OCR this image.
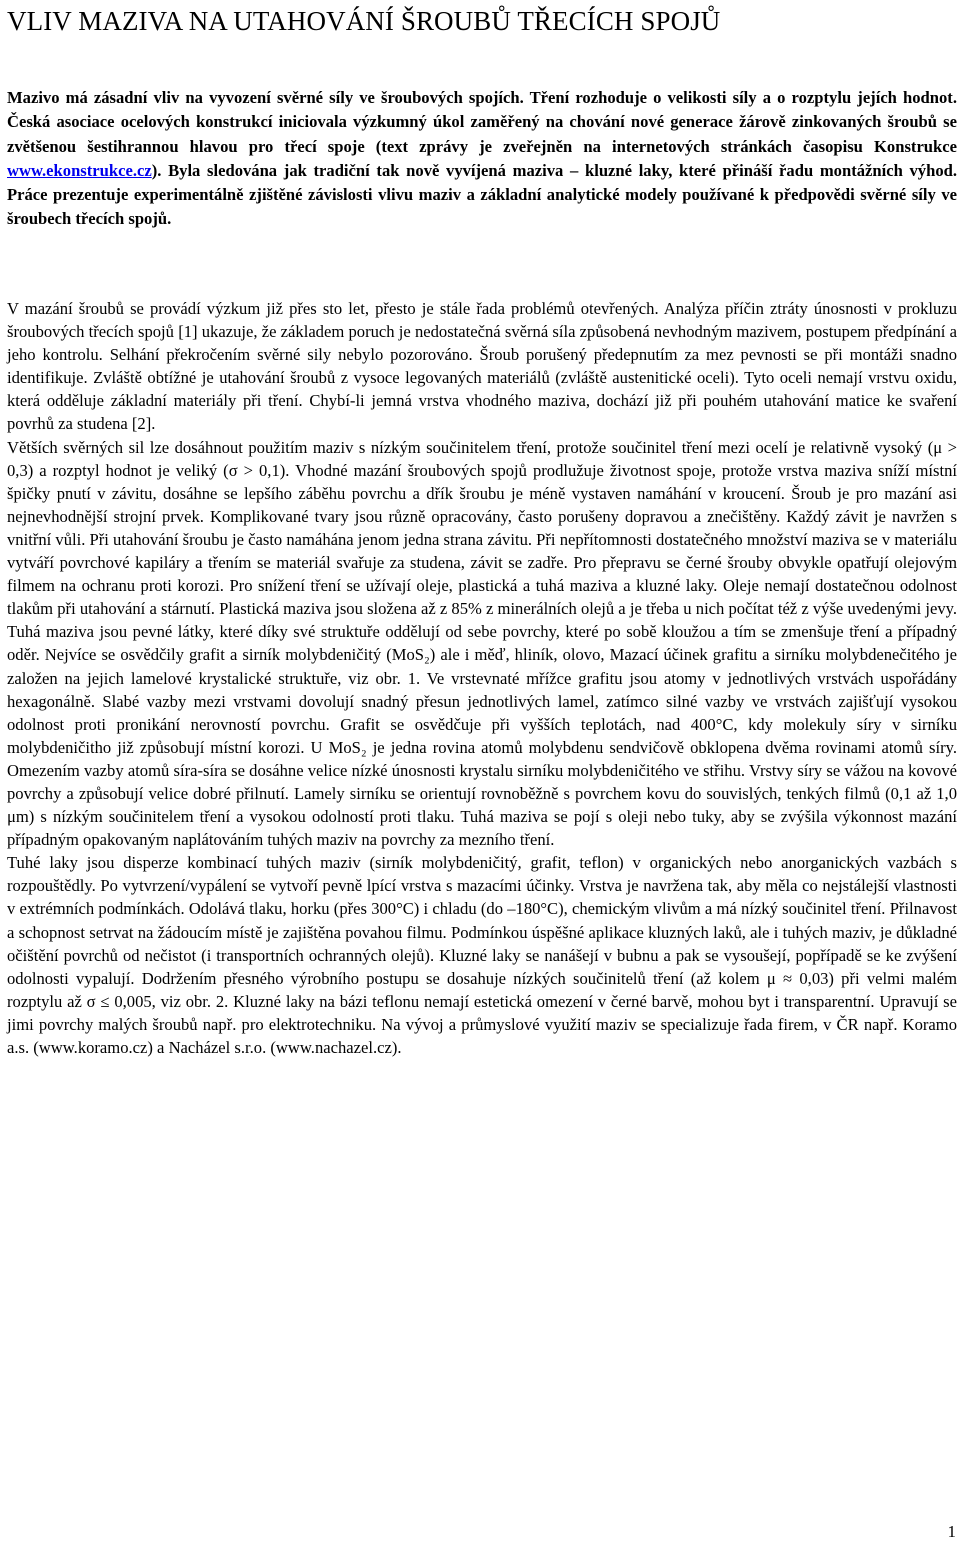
VLIV MAZIVA NA UTAHOVÁNÍ ŠROUBŮ TŘECÍCH SPOJŮ

Mazivo má zásadní vliv na vyvození svěrné síly ve šroubových spojích. Tření rozhoduje o velikosti síly a o rozptylu jejích hodnot. Česká asociace ocelových konstrukcí iniciovala výzkumný úkol zaměřený na chování nové generace žárově zinkovaných šroubů se zvětšenou šestihrannou hlavou pro třecí spoje (text zprávy je zveřejněn na internetových stránkách časopisu Konstrukce www.ekonstrukce.cz). Byla sledována jak tradiční tak nově vyvíjená maziva – kluzné laky, které přináší řadu montážních výhod. Práce prezentuje experimentálně zjištěné závislosti vlivu maziv a základní analytické modely používané k předpovědi svěrné síly ve šroubech třecích spojů.

V mazání šroubů se provádí výzkum již přes sto let, přesto je stále řada problémů otevřených. Analýza příčin ztráty únosnosti v prokluzu šroubových třecích spojů [1] ukazuje, že základem poruch je nedostatečná svěrná síla způsobená nevhodným mazivem, postupem předpínání a jeho kontrolu. Selhání překročením svěrné sily nebylo pozorováno. Šroub porušený předepnutím za mez pevnosti se při montáži snadno identifikuje. Zvláště obtížné je utahování šroubů z vysoce legovaných materiálů (zvláště austenitické oceli). Tyto oceli nemají vrstvu oxidu, která odděluje základní materiály při tření. Chybí-li jemná vrstva vhodného maziva, dochází již při pouhém utahování matice ke svaření povrhů za studena [2].

Větších svěrných sil lze dosáhnout použitím maziv s nízkým součinitelem tření, protože součinitel tření mezi ocelí je relativně vysoký (μ > 0,3) a rozptyl hodnot je veliký (σ > 0,1). Vhodné mazání šroubových spojů prodlužuje životnost spoje, protože vrstva maziva sníží místní špičky pnutí v závitu, dosáhne se lepšího záběhu povrchu a dřík šroubu je méně vystaven namáhání v kroucení. Šroub je pro mazání asi nejnevhodnější strojní prvek. Komplikované tvary jsou různě opracovány, často porušeny dopravou a znečištěny. Každý závit je navržen s vnitřní vůli. Při utahování šroubu je často namáhána jenom jedna strana závitu. Při nepřítomnosti dostatečného množství maziva se v materiálu vytváří povrchové kapiláry a třením se materiál svařuje za studena, závit se zadře. Pro přepravu se černé šrouby obvykle opatřují olejovým filmem na ochranu proti korozi. Pro snížení tření se užívají oleje, plastická a tuhá maziva a kluzné laky. Oleje nemají dostatečnou odolnost tlakům při utahování a stárnutí. Plastická maziva jsou složena až z 85% z minerálních olejů a je třeba u nich počítat též z výše uvedenými jevy. Tuhá maziva jsou pevné látky, které díky své struktuře oddělují od sebe povrchy, které po sobě kloužou a tím se zmenšuje tření a případný oděr. Nejvíce se osvědčily grafit a sirník molybdeničitý (MoS₂) ale i měď, hliník, olovo, Mazací účinek grafitu a sirníku molybdenečitého je založen na jejich lamelové krystalické struktuře, viz obr. 1. Ve vrstevnaté mřížce grafitu jsou atomy v jednotlivých vrstvách uspořádány hexagonálně. Slabé vazby mezi vrstvami dovolují snadný přesun jednotlivých lamel, zatímco silné vazby ve vrstvách zajišťují vysokou odolnost proti pronikání nerovností povrchu. Grafit se osvědčuje při vyšších teplotách, nad 400°C, kdy molekuly síry v sirníku molybdeničitho již způsobují místní korozi. U MoS₂ je jedna rovina atomů molybdenu sendvičově obklopena dvěma rovinami atomů síry. Omezením vazby atomů síra-síra se dosáhne velice nízké únosnosti krystalu sirníku molybdeničitého ve střihu. Vrstvy síry se vážou na kovové povrchy a způsobují velice dobré přilnutí. Lamely sirníku se orientují rovnoběžně s povrchem kovu do souvislých, tenkých filmů (0,1 až 1,0 μm) s nízkým součinitelem tření a vysokou odolností proti tlaku. Tuhá maziva se pojí s oleji nebo tuky, aby se zvýšila výkonnost mazání případným opakovaným naplátováním tuhých maziv na povrchy za mezního tření.

Tuhé laky jsou disperze kombinací tuhých maziv (sirník molybdeničitý, grafit, teflon) v organických nebo anorganických vazbách s rozpouštědly. Po vytvrzení/vypálení se vytvoří pevně lpící vrstva s mazacími účinky. Vrstva je navržena tak, aby měla co nejstálejší vlastnosti v extrémních podmínkách. Odolává tlaku, horku (přes 300°C) i chladu (do –180°C), chemickým vlivům a má nízký součinitel tření. Přilnavost a schopnost setrvat na žádoucím místě je zajištěna povahou filmu. Podmínkou úspěšné aplikace kluzných laků, ale i tuhých maziv, je důkladné očištění povrchů od nečistot (i transportních ochranných olejů). Kluzné laky se nanášejí v bubnu a pak se vysoušejí, popřípadě se ke zvýšení odolnosti vypalují. Dodržením přesného výrobního postupu se dosahuje nízkých součinitelů tření (až kolem μ ≈ 0,03) při velmi malém rozptylu až σ ≤ 0,005, viz obr. 2. Kluzné laky na bázi teflonu nemají estetická omezení v černé barvě, mohou byt i transparentní. Upravují se jimi povrchy malých šroubů např. pro elektrotechniku. Na vývoj a průmyslové využití maziv se specializuje řada firem, v ČR např. Koramo a.s. (www.koramo.cz) a Nacházel s.r.o. (www.nachazel.cz).

1
